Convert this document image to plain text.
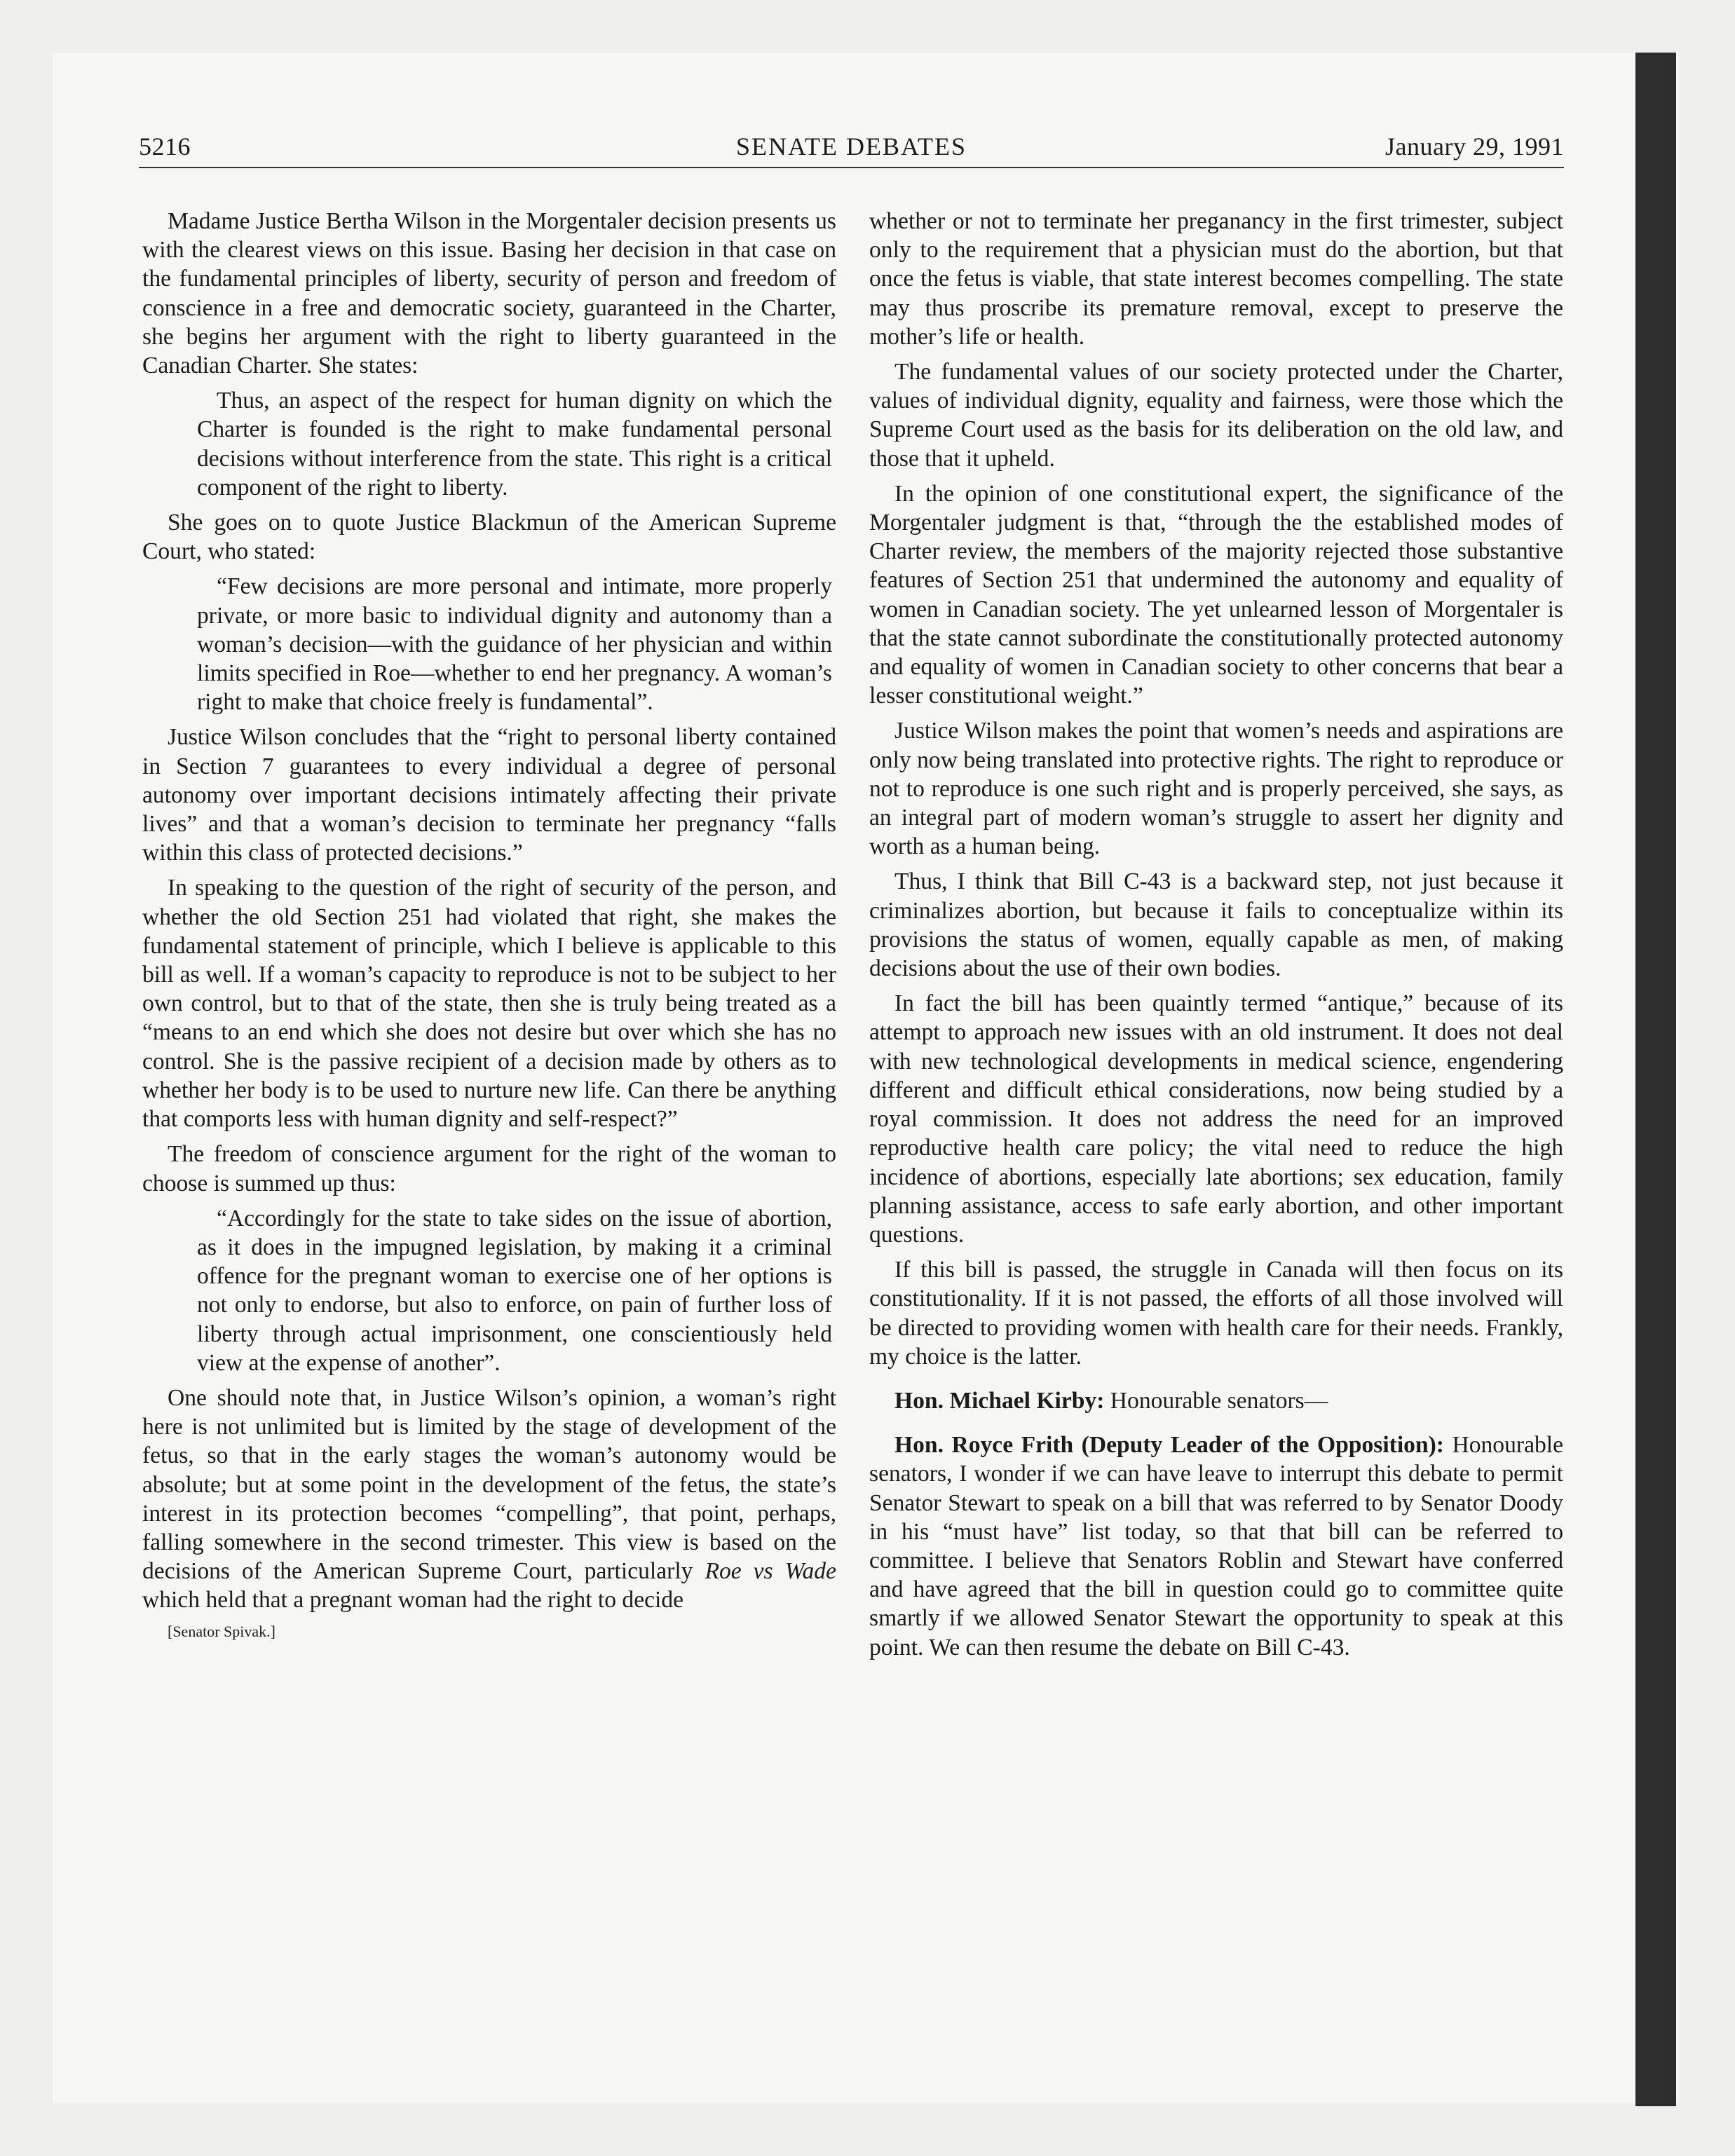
5216	SENATE DEBATES	January 29, 1991

Madame Justice Bertha Wilson in the Morgentaler decision presents us with the clearest views on this issue. Basing her decision in that case on the fundamental principles of liberty, security of person and freedom of conscience in a free and democratic society, guaranteed in the Charter, she begins her argument with the right to liberty guaranteed in the Canadian Charter. She states:

Thus, an aspect of the respect for human dignity on which the Charter is founded is the right to make fundamental personal decisions without interference from the state. This right is a critical component of the right to liberty.

She goes on to quote Justice Blackmun of the American Supreme Court, who stated:

“Few decisions are more personal and intimate, more properly private, or more basic to individual dignity and autonomy than a woman’s decision—with the guidance of her physician and within limits specified in Roe—whether to end her pregnancy. A woman’s right to make that choice freely is fundamental”.

Justice Wilson concludes that the “right to personal liberty contained in Section 7 guarantees to every individual a degree of personal autonomy over important decisions intimately affecting their private lives” and that a woman’s decision to terminate her pregnancy “falls within this class of protected decisions.”

In speaking to the question of the right of security of the person, and whether the old Section 251 had violated that right, she makes the fundamental statement of principle, which I believe is applicable to this bill as well. If a woman’s capacity to reproduce is not to be subject to her own control, but to that of the state, then she is truly being treated as a “means to an end which she does not desire but over which she has no control. She is the passive recipient of a decision made by others as to whether her body is to be used to nurture new life. Can there be anything that comports less with human dignity and self-respect?”

The freedom of conscience argument for the right of the woman to choose is summed up thus:

“Accordingly for the state to take sides on the issue of abortion, as it does in the impugned legislation, by making it a criminal offence for the pregnant woman to exercise one of her options is not only to endorse, but also to enforce, on pain of further loss of liberty through actual imprisonment, one conscientiously held view at the expense of another”.

One should note that, in Justice Wilson’s opinion, a woman’s right here is not unlimited but is limited by the stage of development of the fetus, so that in the early stages the woman’s autonomy would be absolute; but at some point in the development of the fetus, the state’s interest in its protection becomes “compelling”, that point, perhaps, falling somewhere in the second trimester. This view is based on the decisions of the American Supreme Court, particularly Roe vs Wade which held that a pregnant woman had the right to decide

[Senator Spivak.]

whether or not to terminate her preganancy in the first trimester, subject only to the requirement that a physician must do the abortion, but that once the fetus is viable, that state interest becomes compelling. The state may thus proscribe its premature removal, except to preserve the mother’s life or health.

The fundamental values of our society protected under the Charter, values of individual dignity, equality and fairness, were those which the Supreme Court used as the basis for its deliberation on the old law, and those that it upheld.

In the opinion of one constitutional expert, the significance of the Morgentaler judgment is that, “through the the established modes of Charter review, the members of the majority rejected those substantive features of Section 251 that undermined the autonomy and equality of women in Canadian society. The yet unlearned lesson of Morgentaler is that the state cannot subordinate the constitutionally protected autonomy and equality of women in Canadian society to other concerns that bear a lesser constitutional weight.”

Justice Wilson makes the point that women’s needs and aspirations are only now being translated into protective rights. The right to reproduce or not to reproduce is one such right and is properly perceived, she says, as an integral part of modern woman’s struggle to assert her dignity and worth as a human being.

Thus, I think that Bill C-43 is a backward step, not just because it criminalizes abortion, but because it fails to conceptualize within its provisions the status of women, equally capable as men, of making decisions about the use of their own bodies.

In fact the bill has been quaintly termed “antique,” because of its attempt to approach new issues with an old instrument. It does not deal with new technological developments in medical science, engendering different and difficult ethical considerations, now being studied by a royal commission. It does not address the need for an improved reproductive health care policy; the vital need to reduce the high incidence of abortions, especially late abortions; sex education, family planning assistance, access to safe early abortion, and other important questions.

If this bill is passed, the struggle in Canada will then focus on its constitutionality. If it is not passed, the efforts of all those involved will be directed to providing women with health care for their needs. Frankly, my choice is the latter.

Hon. Michael Kirby: Honourable senators—

Hon. Royce Frith (Deputy Leader of the Opposition): Honourable senators, I wonder if we can have leave to interrupt this debate to permit Senator Stewart to speak on a bill that was referred to by Senator Doody in his “must have” list today, so that that bill can be referred to committee. I believe that Senators Roblin and Stewart have conferred and have agreed that the bill in question could go to committee quite smartly if we allowed Senator Stewart the opportunity to speak at this point. We can then resume the debate on Bill C-43.
